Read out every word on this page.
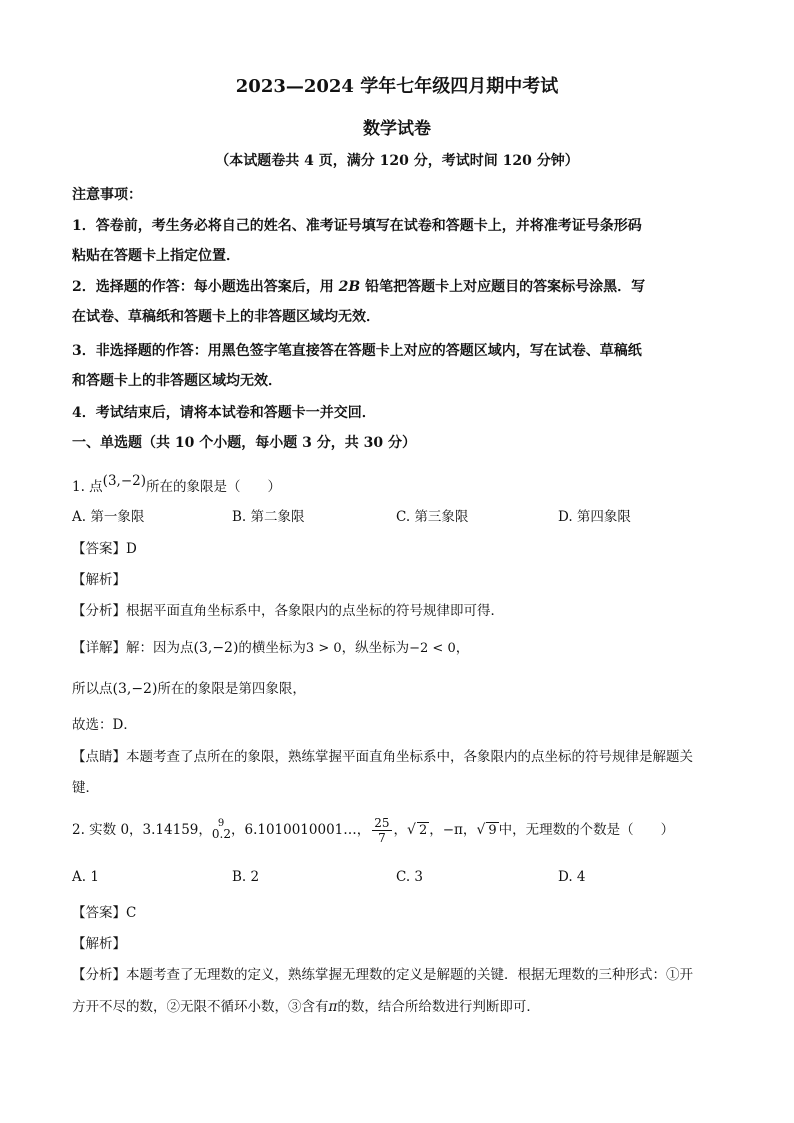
2023—2024 学年七年级四月期中考试
数学试卷
（本试题卷共 4 页，满分 120 分，考试时间 120 分钟）
注意事项：
1．答卷前，考生务必将自己的姓名、准考证号填写在试卷和答题卡上，并将准考证号条形码
粘贴在答题卡上指定位置．
2．选择题的作答：每小题选出答案后，用 2B 铅笔把答题卡上对应题目的答案标号涂黑．写
在试卷、草稿纸和答题卡上的非答题区域均无效．
3．非选择题的作答：用黑色签字笔直接答在答题卡上对应的答题区域内，写在试卷、草稿纸
和答题卡上的非答题区域均无效．
4．考试结束后，请将本试卷和答题卡一并交回．
一、单选题（共 10 个小题，每小题 3 分，共 30 分）
1. 点(3,−2)所在的象限是（　　）
A. 第一象限	B. 第二象限	C. 第三象限	D. 第四象限
【答案】D
【解析】
【分析】根据平面直角坐标系中，各象限内的点坐标的符号规律即可得．
【详解】解：因为点(3,−2)的横坐标为3 > 0，纵坐标为−2 < 0，
所以点(3,−2)所在的象限是第四象限，
故选：D．
【点睛】本题考查了点所在的象限，熟练掌握平面直角坐标系中，各象限内的点坐标的符号规律是解题关
键．
2. 实数 0，3.14159， 9
0.2，6.1010010001…， $\frac{25}{7}$ ，√ 2 ，−π，√ 9 中，无理数的个数是（　　）
A. 1	B. 2	C. 3	D. 4
【答案】C
【解析】
【分析】本题考查了无理数的定义，熟练掌握无理数的定义是解题的关键．根据无理数的三种形式：①开
方开不尽的数，②无限不循环小数，③含有π的数，结合所给数进行判断即可．
